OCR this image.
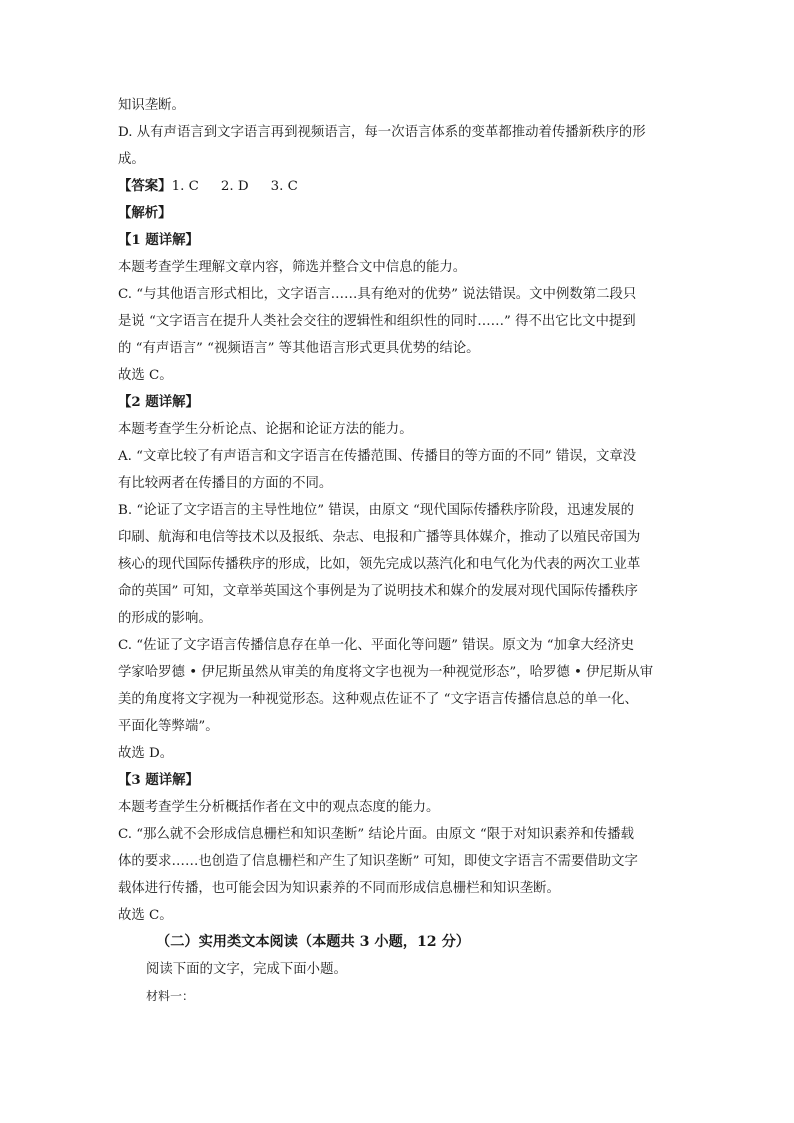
知识垄断。
D. 从有声语言到文字语言再到视频语言，每一次语言体系的变革都推动着传播新秩序的形
成。
【答案】1. C 2. D 3. C
【解析】
【1 题详解】
本题考查学生理解文章内容，筛选并整合文中信息的能力。
C. “与其他语言形式相比，文字语言……具有绝对的优势” 说法错误。文中例数第二段只
是说 “文字语言在提升人类社会交往的逻辑性和组织性的同时……” 得不出它比文中提到
的 “有声语言” “视频语言” 等其他语言形式更具优势的结论。
故选 C。
【2 题详解】
本题考查学生分析论点、论据和论证方法的能力。
A. “文章比较了有声语言和文字语言在传播范围、传播目的等方面的不同” 错误，文章没
有比较两者在传播目的方面的不同。
B. “论证了文字语言的主导性地位” 错误，由原文 “现代国际传播秩序阶段，迅速发展的
印刷、航海和电信等技术以及报纸、杂志、电报和广播等具体媒介，推动了以殖民帝国为
核心的现代国际传播秩序的形成，比如，领先完成以蒸汽化和电气化为代表的两次工业革
命的英国” 可知，文章举英国这个事例是为了说明技术和媒介的发展对现代国际传播秩序
的形成的影响。
C. “佐证了文字语言传播信息存在单一化、平面化等问题” 错误。原文为 “加拿大经济史
学家哈罗德 • 伊尼斯虽然从审美的角度将文字也视为一种视觉形态”，哈罗德 • 伊尼斯从审
美的角度将文字视为一种视觉形态。这种观点佐证不了 “文字语言传播信息总的单一化、
平面化等弊端”。
故选 D。
【3 题详解】
本题考查学生分析概括作者在文中的观点态度的能力。
C. “那么就不会形成信息栅栏和知识垄断” 结论片面。由原文 “限于对知识素养和传播载
体的要求……也创造了信息栅栏和产生了知识垄断” 可知，即使文字语言不需要借助文字
载体进行传播，也可能会因为知识素养的不同而形成信息栅栏和知识垄断。
故选 C。
（二）实用类文本阅读（本题共 3 小题，12 分）
阅读下面的文字，完成下面小题。
材料一：
